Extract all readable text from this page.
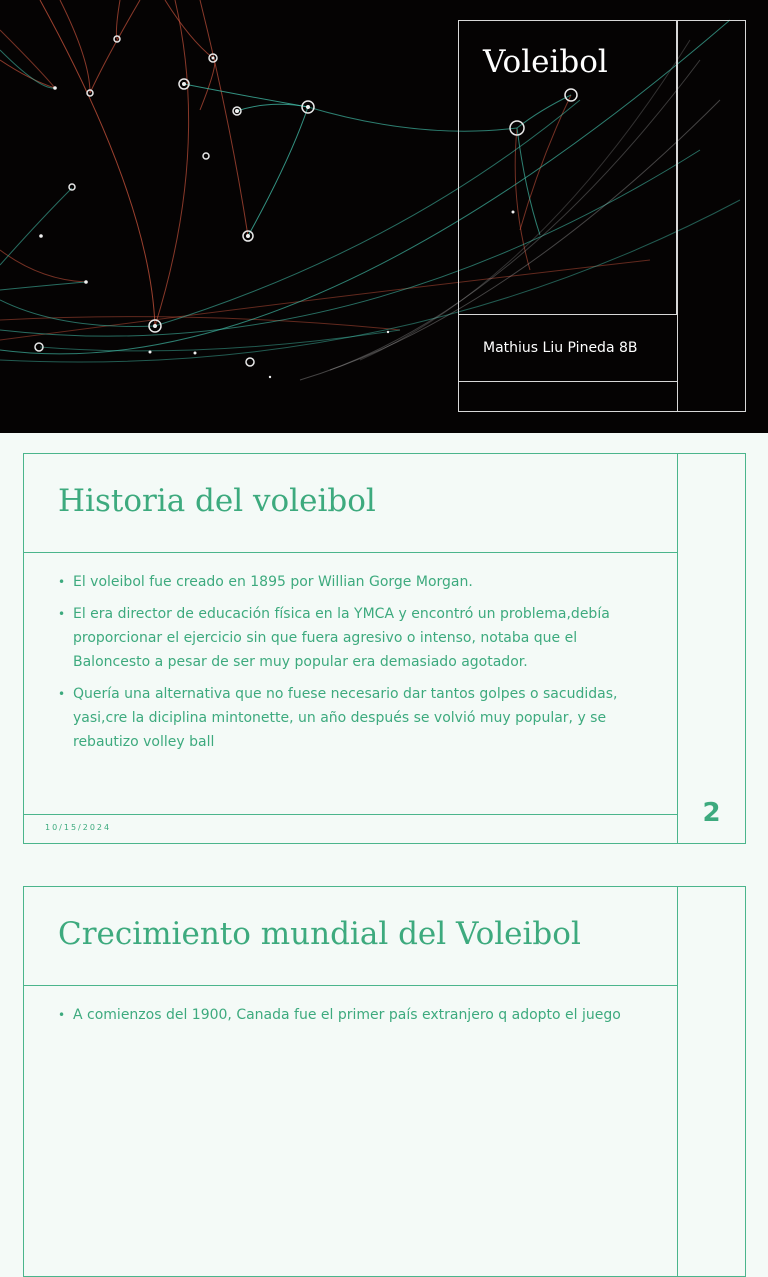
Voleibol
Mathius Liu Pineda 8B
Historia del voleibol
• El voleibol fue creado en 1895 por Willian Gorge Morgan.
• El era director de educación física en la YMCA y encontró un problema,debía proporcionar el ejercicio sin que fuera agresivo o intenso, notaba que el Baloncesto a pesar de ser muy popular era demasiado agotador.
• Quería una alternativa que no fuese necesario dar tantos golpes o sacudidas, yasi,cre la diciplina mintonette, un año después se volvió muy popular, y se rebautizo volley ball
10/15/2024	2
Crecimiento mundial del Voleibol
• A comienzos del 1900, Canada fue el primer país extranjero q adopto el juego
